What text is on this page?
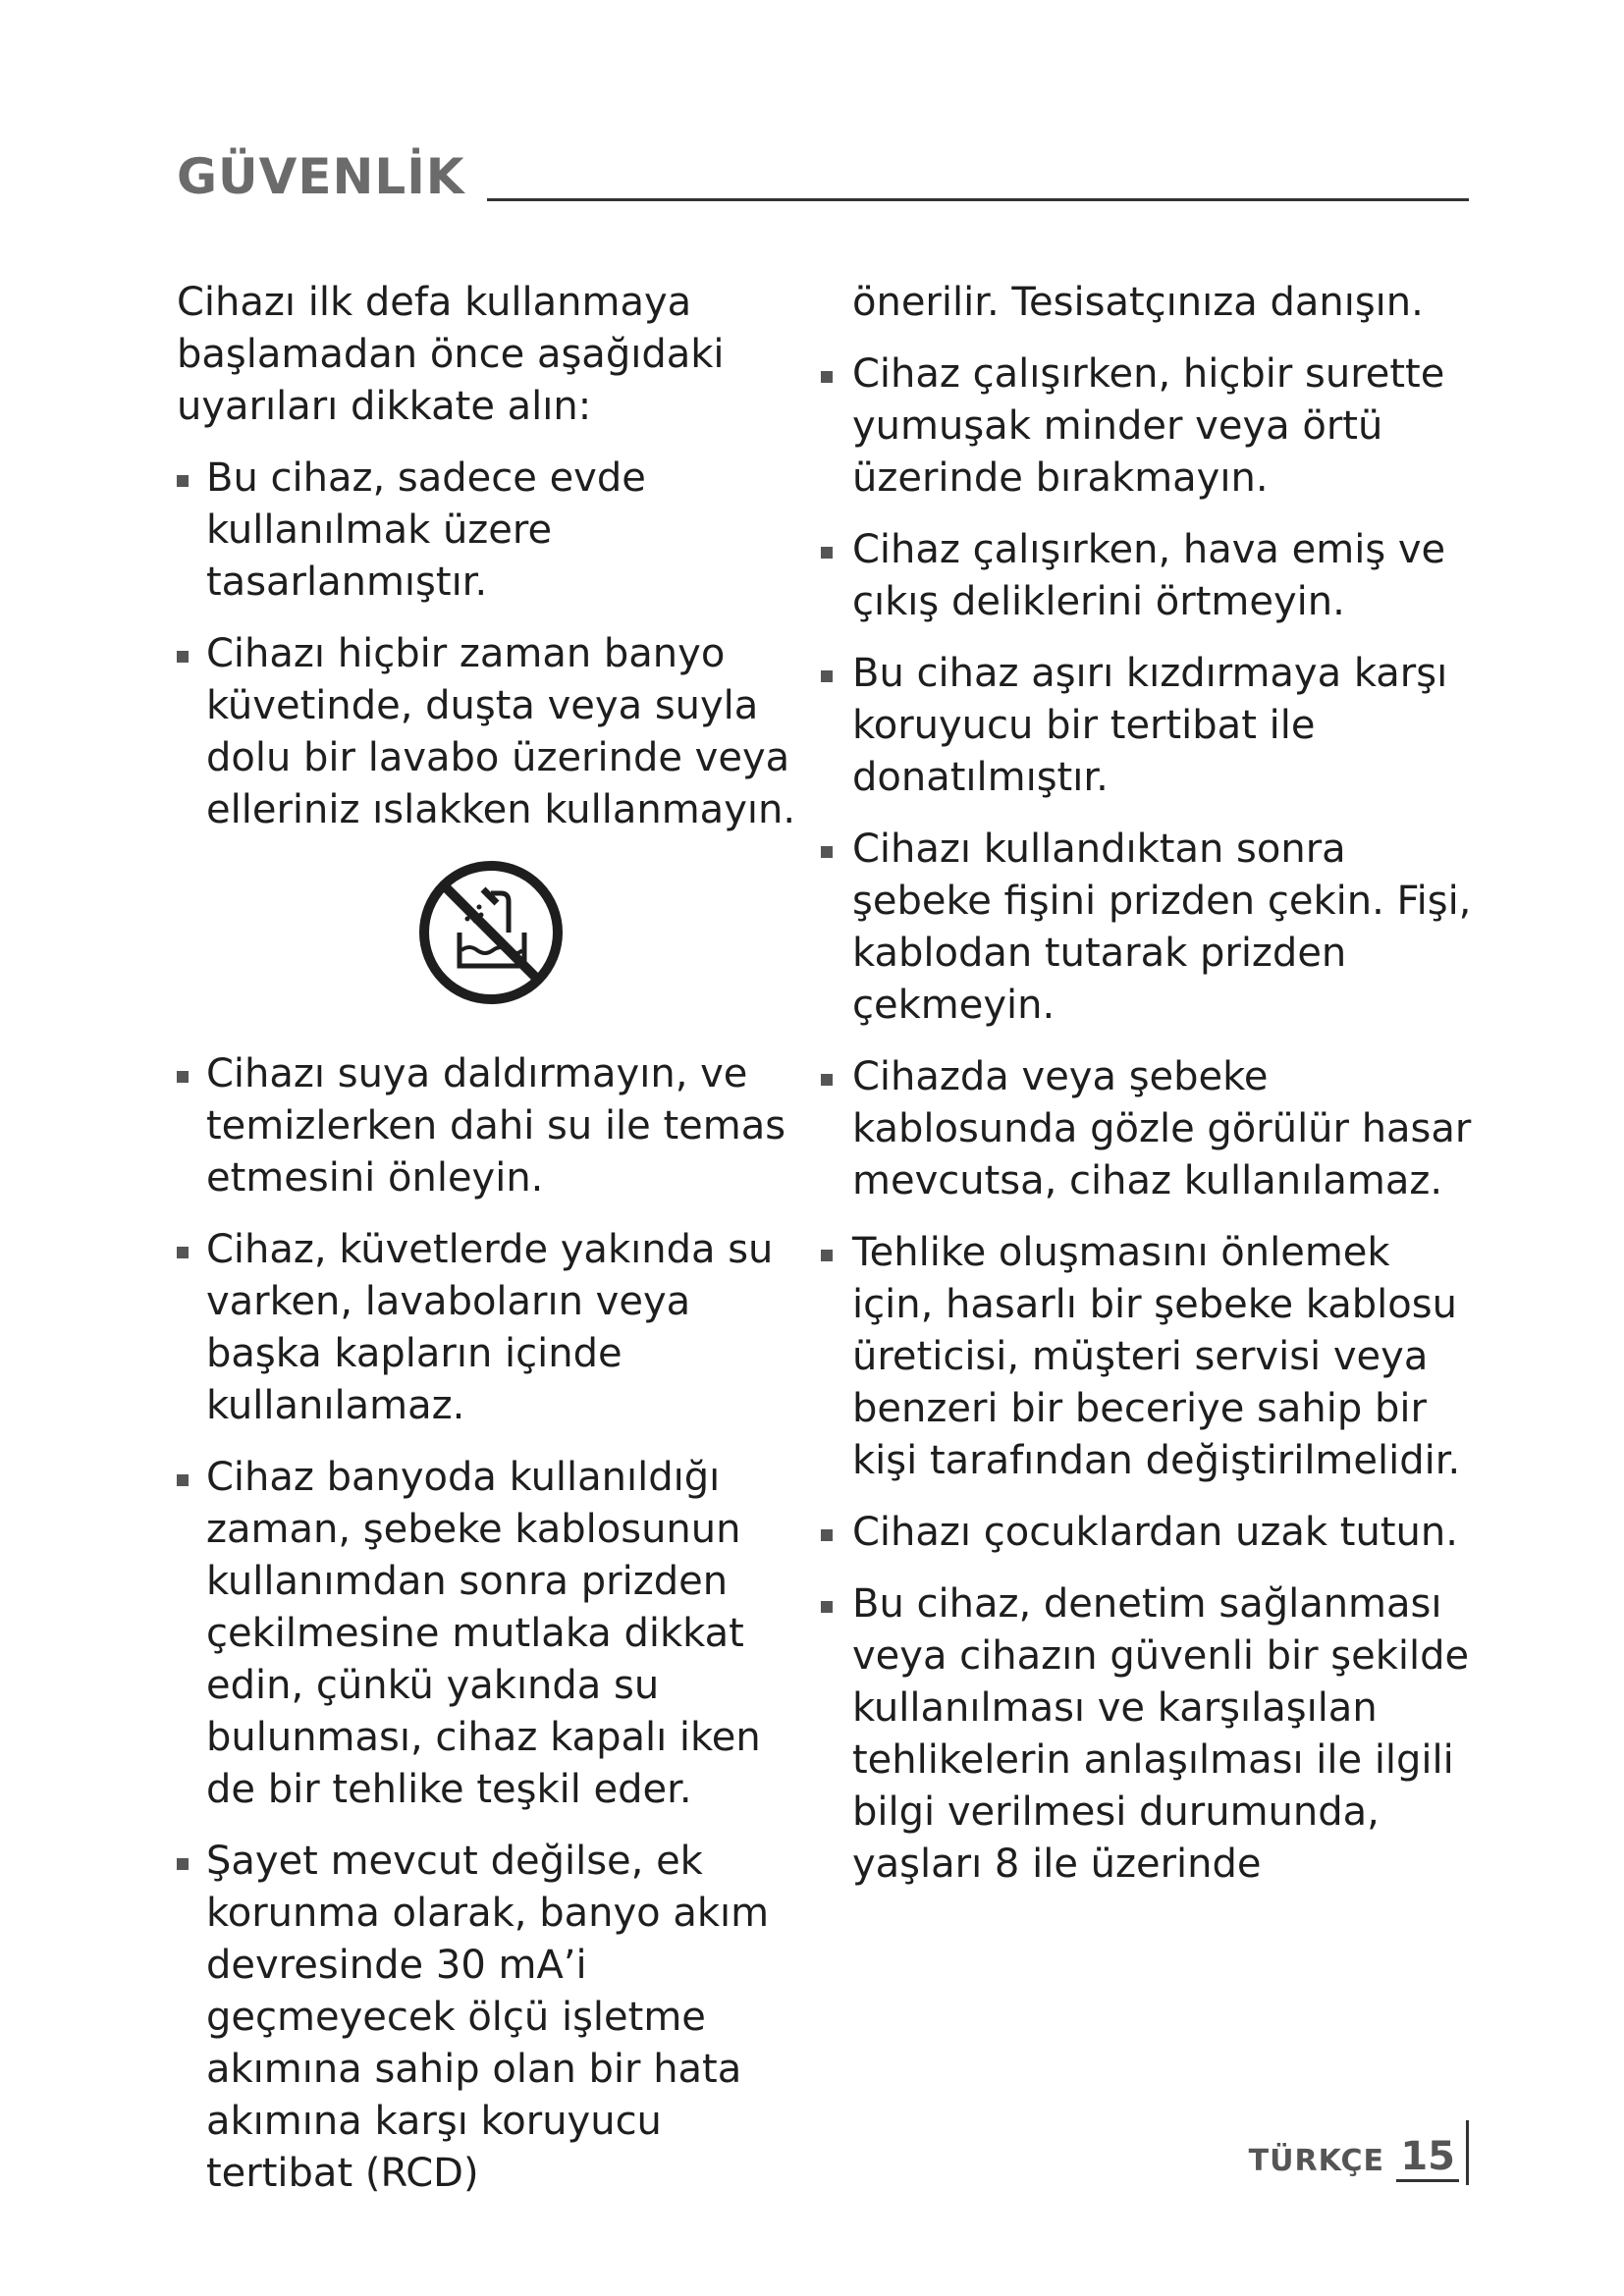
GÜVENLİK

Cihazı ilk defa kullanmaya başlamadan önce aşağıdaki uyarıları dikkate alın:

Bu cihaz, sadece evde kullanılmak üzere tasarlanmıştır.

Cihazı hiçbir zaman banyo küvetinde, duşta veya suyla dolu bir lavabo üzerinde veya elleriniz ıslakken kullanmayın.

Cihazı suya daldırmayın, ve temizlerken dahi su ile temas etmesini önleyin.

Cihaz, küvetlerde yakında su varken, lavaboların veya başka kapların içinde kullanılamaz.

Cihaz banyoda kullanıldığı zaman, şebeke kablosunun kullanımdan sonra prizden çekilmesine mutlaka dikkat edin, çünkü yakında su bulunması, cihaz kapalı iken de bir tehlike teşkil eder.

Şayet mevcut değilse, ek korunma olarak, banyo akım devresinde 30 mA’i geçmeyecek ölçü işletme akımına sahip olan bir hata akımına karşı koruyucu tertibat (RCD)

önerilir. Tesisatçınıza danışın.

Cihaz çalışırken, hiçbir surette yumuşak minder veya örtü üzerinde bırakmayın.

Cihaz çalışırken, hava emiş ve çıkış deliklerini örtmeyin.

Bu cihaz aşırı kızdırmaya karşı koruyucu bir tertibat ile donatılmıştır.

Cihazı kullandıktan sonra şebeke fişini prizden çekin. Fişi, kablodan tutarak prizden çekmeyin.

Cihazda veya şebeke kablosunda gözle görülür hasar mevcutsa, cihaz kullanılamaz.

Tehlike oluşmasını önlemek için, hasarlı bir şebeke kablosu üreticisi, müşteri servisi veya benzeri bir beceriye sahip bir kişi tarafından değiştirilmelidir.

Cihazı çocuklardan uzak tutun.

Bu cihaz, denetim sağlanması veya cihazın güvenli bir şekilde kullanılması ve karşılaşılan tehlikelerin anlaşılması ile ilgili bilgi verilmesi durumunda, yaşları 8 ile üzerinde

TÜRKÇE 15
